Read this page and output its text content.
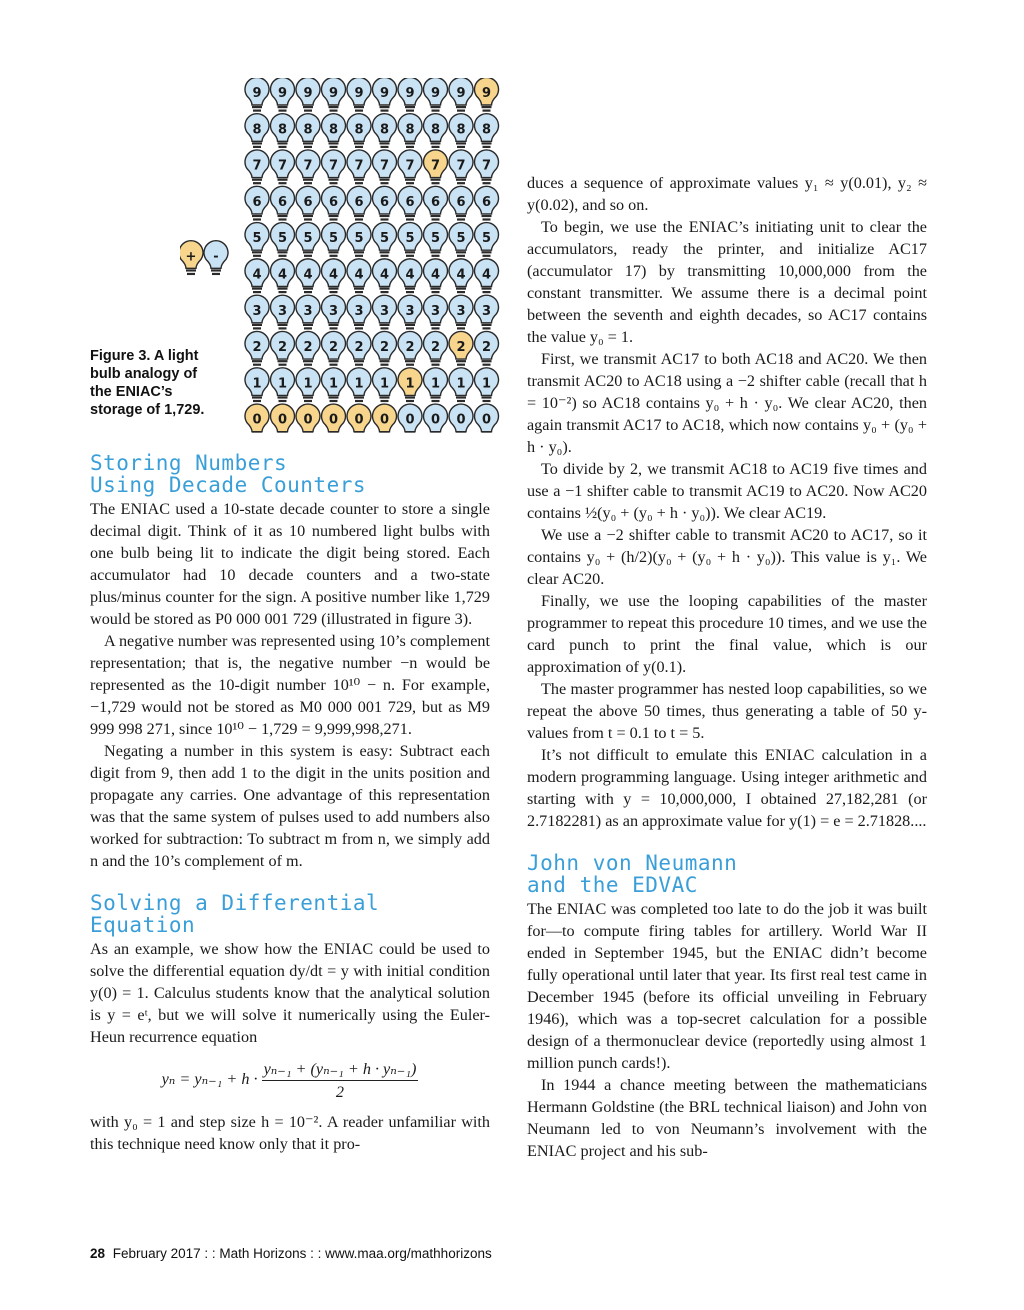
9
8
7
6
5
4
3
2
1
0
9
8
7
6
5
4
3
2
1
0
9
8
7
6
5
4
3
2
1
0
9
8
7
6
5
4
3
2
1
0
9
8
7
6
5
4
3
2
1
0
9
8
7
6
5
4
3
2
1
0
9
8
7
6
5
4
3
2
1
0
9
8
7
6
5
4
3
2
1
0
9
8
7
6
5
4
3
2
1
0
9
8
7
6
5
4
3
2
1
0
+ -
Figure 3. A light bulb analogy of the ENIAC’s storage of 1,729.
Storing Numbers
Using Decade Counters

The ENIAC used a 10-state decade counter to store a single decimal digit. Think of it as 10 numbered light bulbs with one bulb being lit to indicate the digit being stored. Each accumulator had 10 decade counters and a two-state plus/minus counter for the sign. A positive number like 1,729 would be stored as P0 000 001 729 (illustrated in figure 3).

A negative number was represented using 10’s complement representation; that is, the negative number −n would be represented as the 10-digit number 10¹⁰ − n. For example, −1,729 would not be stored as M0 000 001 729, but as M9 999 998 271, since 10¹⁰ − 1,729 = 9,999,998,271.

Negating a number in this system is easy: Subtract each digit from 9, then add 1 to the digit in the units position and propagate any carries. One advantage of this representation was that the same system of pulses used to add numbers also worked for subtraction: To subtract m from n, we simply add n and the 10’s complement of m.

Solving a Differential
Equation

As an example, we show how the ENIAC could be used to solve the differential equation dy/dt = y with initial condition y(0) = 1. Calculus students know that the analytical solution is y = eᵗ, but we will solve it numerically using the Euler-Heun recurrence equation

$y_n = y_{n-1} + h \cdot \frac{\text{yₙ₋₁ + (yₙ₋₁ + h · yₙ₋₁)}}{2}$

with y₀ = 1 and step size h = 10⁻². A reader unfamiliar with this technique need know only that it pro-

duces a sequence of approximate values y₁ ≈ y(0.01), y₂ ≈ y(0.02), and so on.

To begin, we use the ENIAC’s initiating unit to clear the accumulators, ready the printer, and initialize AC17 (accumulator 17) by transmitting 10,000,000 from the constant transmitter. We assume there is a decimal point between the seventh and eighth decades, so AC17 contains the value y₀ = 1.

First, we transmit AC17 to both AC18 and AC20. We then transmit AC20 to AC18 using a −2 shifter cable (recall that h = 10⁻²) so AC18 contains y₀ + h · y₀. We clear AC20, then again transmit AC17 to AC18, which now contains y₀ + (y₀ + h · y₀).

To divide by 2, we transmit AC18 to AC19 five times and use a −1 shifter cable to transmit AC19 to AC20. Now AC20 contains ½(y₀ + (y₀ + h · y₀)). We clear AC19.

We use a −2 shifter cable to transmit AC20 to AC17, so it contains y₀ + (h/2)(y₀ + (y₀ + h · y₀)). This value is y₁. We clear AC20.

Finally, we use the looping capabilities of the master programmer to repeat this procedure 10 times, and we use the card punch to print the final value, which is our approximation of y(0.1).

The master programmer has nested loop capabilities, so we repeat the above 50 times, thus generating a table of 50 y-values from t = 0.1 to t = 5.

It’s not difficult to emulate this ENIAC calculation in a modern programming language. Using integer arithmetic and starting with y = 10,000,000, I obtained 27,182,281 (or 2.7182281) as an approximate value for y(1) = e = 2.71828....

John von Neumann
and the EDVAC

The ENIAC was completed too late to do the job it was built for—to compute firing tables for artillery. World War II ended in September 1945, but the ENIAC didn’t become fully operational until later that year. Its first real test came in December 1945 (before its official unveiling in February 1946), which was a top-secret calculation for a possible design of a thermonuclear device (reportedly using almost 1 million punch cards!).

In 1944 a chance meeting between the mathematicians Hermann Goldstine (the BRL technical liaison) and John von Neumann led to von Neumann’s involvement with the ENIAC project and his sub-

28 February 2017 : : Math Horizons : : www.maa.org/mathhorizons
